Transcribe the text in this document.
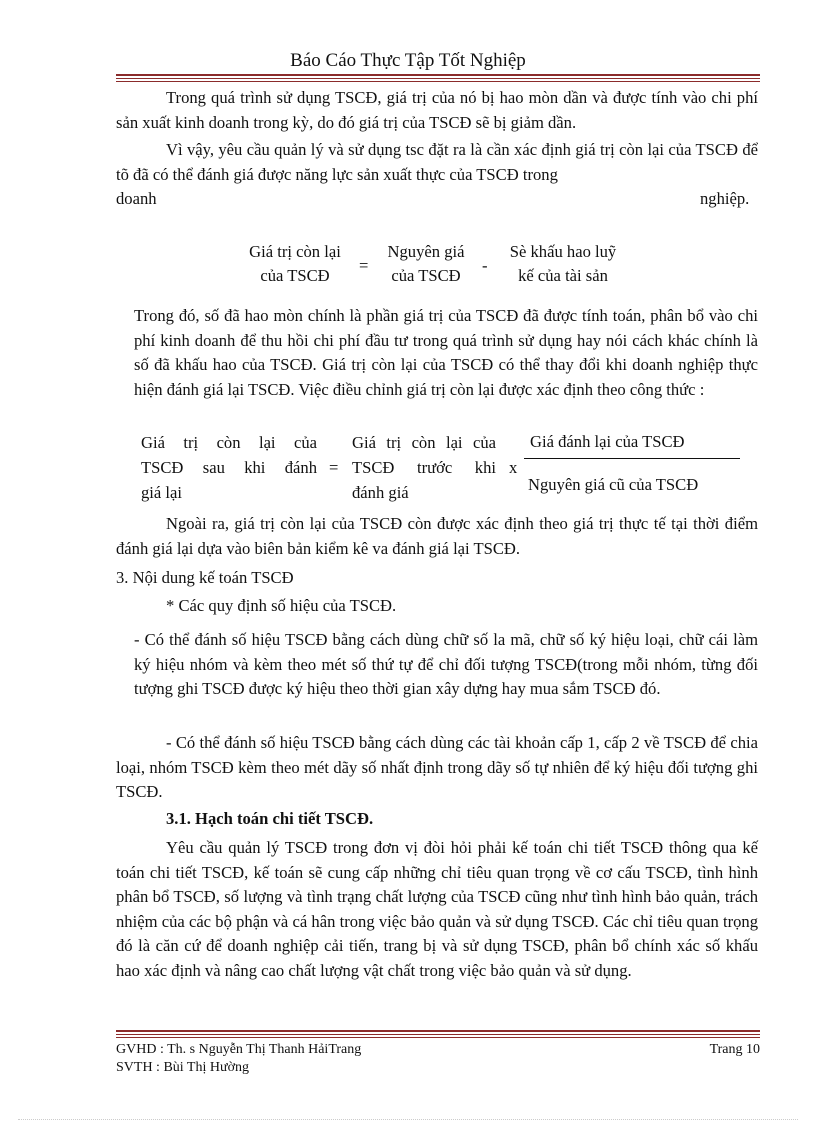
Báo Cáo Thực Tập Tốt Nghiệp
Trong quá trình sử dụng TSCĐ, giá trị của nó bị hao mòn dần và được tính vào chi phí sản xuất kinh doanh trong kỳ, do đó giá trị của TSCĐ sẽ bị giảm dần.
Vì vậy, yêu cầu quản lý và sử dụng tsc đặt ra là cần xác định giá trị còn lại của TSCĐ để tõ đã có thể đánh giá được năng lực sản xuất thực của TSCĐ trong
doanh	nghiệp.
Giá trị còn lại
của TSCĐ
=
Nguyên giá
của TSCĐ
-
Sè khấu hao luỹ
kế của tài sản
Trong đó, số đã hao mòn chính là phần giá trị của TSCĐ đã được tính toán, phân bổ vào chi phí kinh doanh để thu hồi chi phí đầu tư trong quá trình sử dụng hay nói cách khác chính là số đã khấu hao của TSCĐ. Giá trị còn lại của TSCĐ có thể thay đổi khi doanh nghiệp thực hiện đánh giá lại TSCĐ. Việc điều chỉnh giá trị còn lại được xác định theo công thức :
Giá trị còn lại của
TSCĐ sau khi đánh
giá lại
=
Giá trị còn lại của
TSCĐ trước khi
đánh giá
x
Giá đánh lại của TSCĐ
Nguyên giá cũ của TSCĐ
Ngoài ra, giá trị còn lại của TSCĐ còn được xác định theo giá trị thực tế tại thời điểm đánh giá lại dựa vào biên bản kiểm kê va đánh giá lại TSCĐ.
3. Nội dung kế toán TSCĐ
* Các quy định số hiệu của TSCĐ.
- Có thể đánh số hiệu TSCĐ bằng cách dùng chữ số la mã, chữ số ký hiệu loại, chữ cái làm ký hiệu nhóm và kèm theo mét số thứ tự để chỉ đối tượng TSCĐ(trong mỗi nhóm, từng đối tượng ghi TSCĐ được ký hiệu theo thời gian xây dựng hay mua sắm TSCĐ đó.
- Có thể đánh số hiệu TSCĐ bằng cách dùng các tài khoản cấp 1, cấp 2 về TSCĐ để chia loại, nhóm TSCĐ kèm theo mét dãy số nhất định trong dãy số tự nhiên để ký hiệu đối tượng ghi TSCĐ.
3.1. Hạch toán chi tiết TSCĐ.
Yêu cầu quản lý TSCĐ trong đơn vị đòi hỏi phải kế toán chi tiết TSCĐ thông qua kế toán chi tiết TSCĐ, kế toán sẽ cung cấp những chỉ tiêu quan trọng về cơ cấu TSCĐ, tình hình phân bổ TSCĐ, số lượng và tình trạng chất lượng của TSCĐ cũng như tình hình bảo quản, trách nhiệm của các bộ phận và cá hân trong việc bảo quản và sử dụng TSCĐ. Các chỉ tiêu quan trọng đó là căn cứ để doanh nghiệp cải tiến, trang bị và sử dụng TSCĐ, phân bổ chính xác số khấu hao xác định và nâng cao chất lượng vật chất trong việc bảo quản và sử dụng.
GVHD : Th. s Nguyễn Thị Thanh HảiTrang	Trang 10
SVTH : Bùi Thị Hường
